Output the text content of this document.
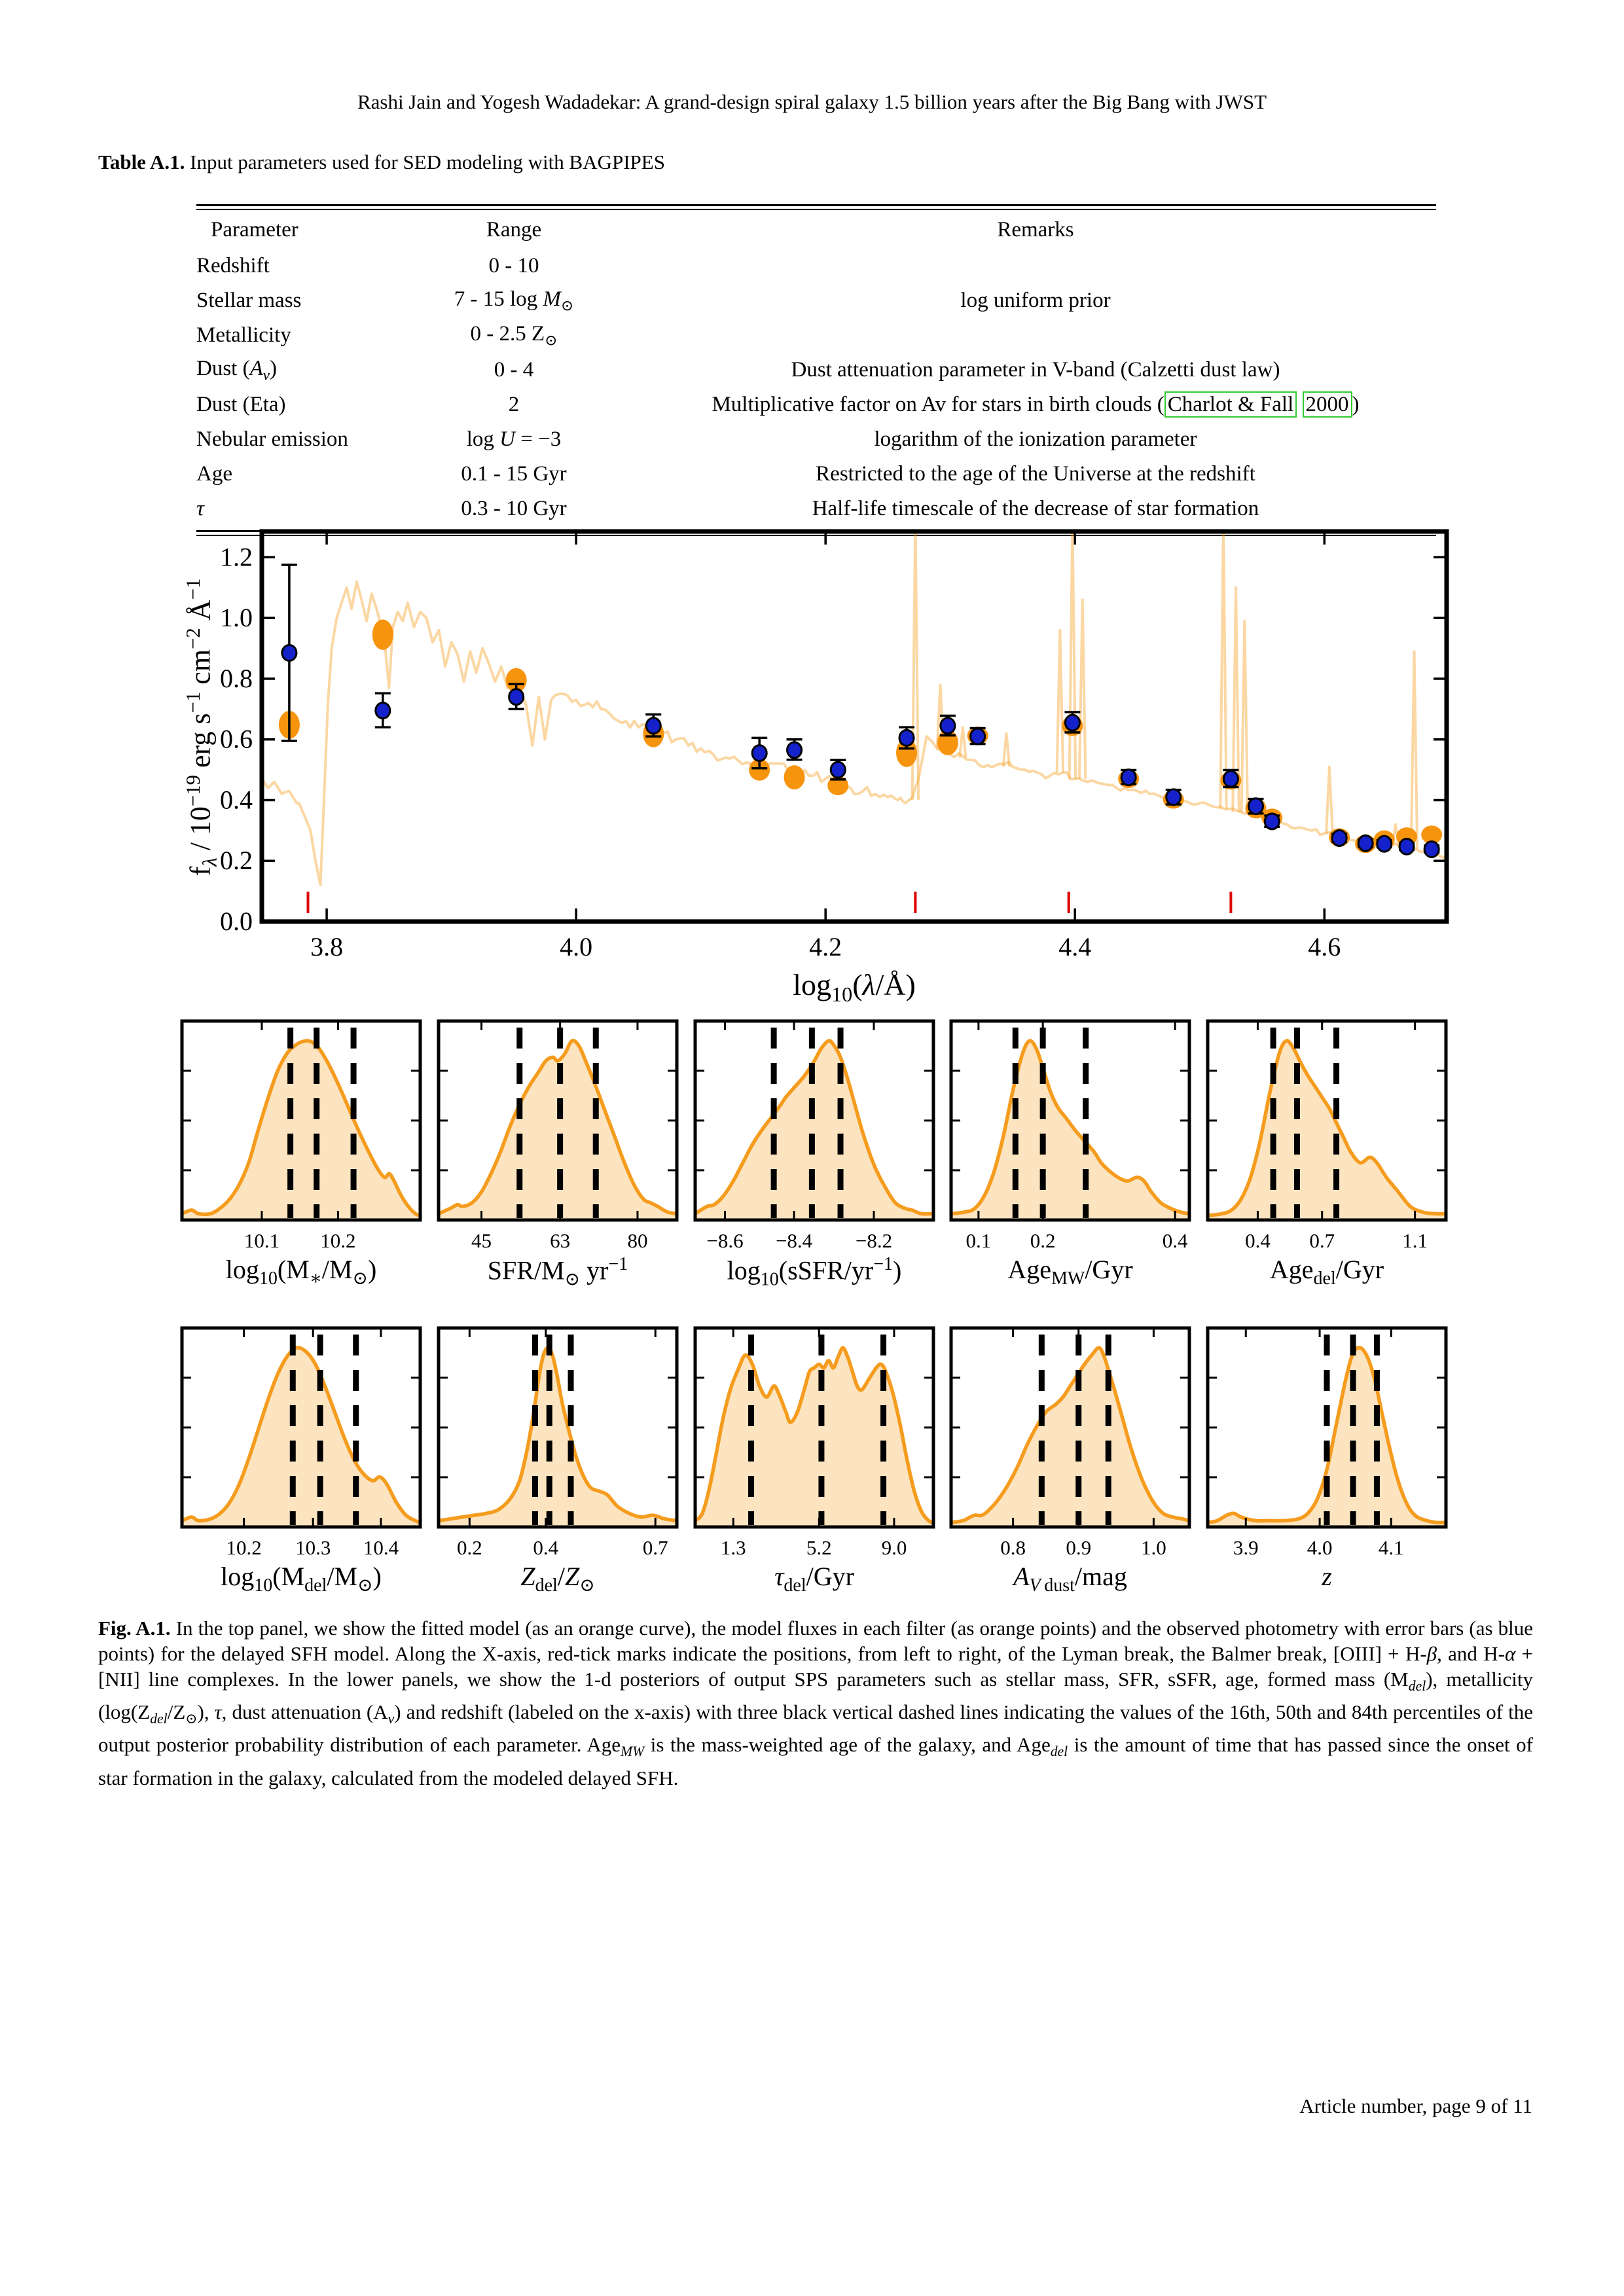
Rashi Jain and Yogesh Wadadekar: A grand-design spiral galaxy 1.5 billion years after the Big Bang with JWST
Table A.1. Input parameters used for SED modeling with BAGPIPES
Parameter	Range	Remarks
Redshift	0 - 10	
Stellar mass	7 - 15 $\log M_⊙$	log uniform prior
Metallicity	0 - 2.5 $Z_⊙$	
Dust $(A_v)$	0 - 4	Dust attenuation parameter in V-band (Calzetti dust law)
Dust (Eta)	2	Multiplicative factor on Av for stars in birth clouds ( Charlot & Fall 2000 )
Nebular emission	log U = −3	logarithm of the ionization parameter
Age	0.1 - 15 Gyr	Restricted to the age of the Universe at the redshift
τ	0.3 - 10 Gyr	Half-life timescale of the decrease of star formation
3.8	4.0	4.2	4.4	4.6
0.0
0.2
0.4
0.6
0.8
1.0
1.2
$f_\lambda / 10^{-19}$ erg $s^{-1}$ $cm^{-2}$ $Å^{-1}$
$\log_{10}(\lambda/Å)$
10.1 10.2	45	63	80	−8.6 −8.4 −8.2	0.1 0.2	0.4	0.4 0.7	1.1
10.2 10.3 10.4	0.2	0.4	0.7	1.3	5.2 9.0	0.8 0.9 1.0	3.9 4.0 4.1
$\log_{10}(M_∗/M_⊙)$	SFR/$M_⊙$ $yr^{-1}$	$\log_{10}(sSFR/yr^{-1})$	Age$_{MW}$/Gyr	Age$_{del}$/Gyr
$\log_{10}(M_{del}/M_⊙)$	$Z_{del}/Z_⊙$	$\tau_{del}$/Gyr	$A_{V dust}$/mag	z
Fig. A.1. In the top panel, we show the fitted model (as an orange curve), the model fluxes in each filter (as orange points) and the observed photometry with error bars (as blue points) for the delayed SFH model. Along the X-axis, red-tick marks indicate the positions, from left to right, of the Lyman break, the Balmer break, [OIII] + H-β, and H-α + [NII] line complexes. In the lower panels, we show the 1-d posteriors of output SPS parameters such as stellar mass, SFR, sSFR, age, formed mass $(M_{del})$, metallicity ($\log(Z_{del}/Z_⊙)$, τ, dust attenuation $(A_v)$ and redshift (labeled on the x-axis) with three black vertical dashed lines indicating the values of the 16th, 50th and 84th percentiles of the output posterior probability distribution of each parameter. Age$_{MW}$ is the mass-weighted age of the galaxy, and Age$_{del}$ is the amount of time that has passed since the onset of star formation in the galaxy, calculated from the modeled delayed SFH.
Article number, page 9 of 11
